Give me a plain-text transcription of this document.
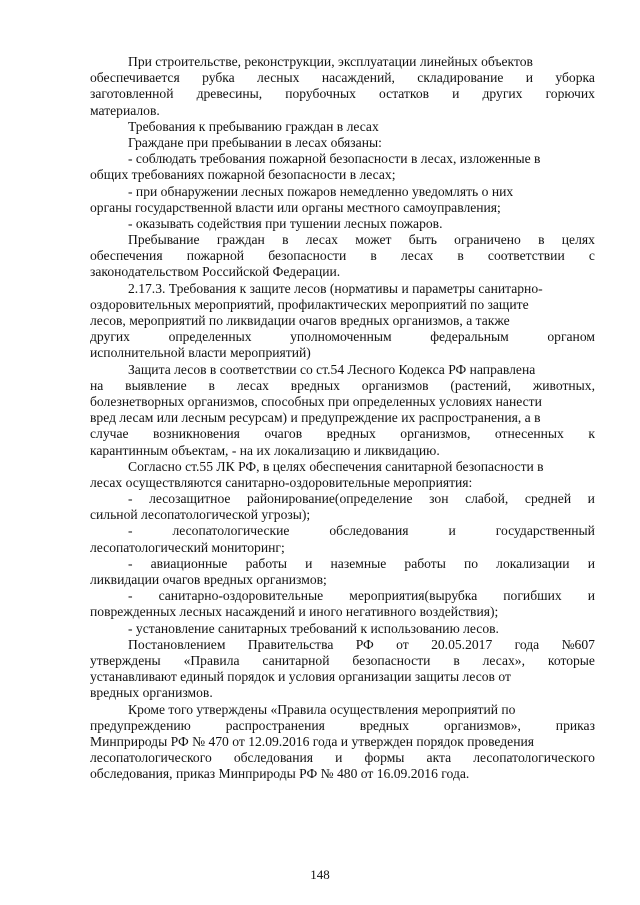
При строительстве, реконструкции, эксплуатации линейных объектов
обеспечивается рубка лесных насаждений, складирование и уборка
заготовленной древесины, порубочных остатков и других горючих
материалов.
Требования к пребыванию граждан в лесах
Граждане при пребывании в лесах обязаны:
- соблюдать требования пожарной безопасности в лесах, изложенные в
общих требованиях пожарной безопасности в лесах;
- при обнаружении лесных пожаров немедленно уведомлять о них
органы государственной власти или органы местного самоуправления;
- оказывать содействия при тушении лесных пожаров.
Пребывание граждан в лесах может быть ограничено в целях
обеспечения пожарной безопасности в лесах в соответствии с
законодательством Российской Федерации.
2.17.3. Требования к защите лесов (нормативы и параметры санитарно-
оздоровительных мероприятий, профилактических мероприятий по защите
лесов, мероприятий по ликвидации очагов вредных организмов, а также
других	определенных	уполномоченным	федеральным	органом
исполнительной власти мероприятий)
Защита лесов в соответствии со ст.54 Лесного Кодекса РФ направлена
на выявление в лесах вредных организмов (растений, животных,
болезнетворных организмов, способных при определенных условиях нанести
вред лесам или лесным ресурсам) и предупреждение их распространения, а в
случае возникновения очагов вредных организмов, отнесенных к
карантинным объектам, - на их локализацию и ликвидацию.
Согласно ст.55 ЛК РФ, в целях обеспечения санитарной безопасности в
лесах осуществляются санитарно-оздоровительные мероприятия:
- лесозащитное районирование(определение зон слабой, средней и
сильной лесопатологической угрозы);
-	лесопатологические	обследования	и	государственный
лесопатологический мониторинг;
- авиационные работы и наземные работы по локализации и
ликвидации очагов вредных организмов;
- санитарно-оздоровительные мероприятия(вырубка погибших и
поврежденных лесных насаждений и иного негативного воздействия);
- установление санитарных требований к использованию лесов.
Постановлением Правительства РФ от 20.05.2017 года №607
утверждены «Правила санитарной безопасности в лесах», которые
устанавливают единый порядок и условия организации защиты лесов от
вредных организмов.
Кроме того утверждены «Правила осуществления мероприятий по
предупреждению	распространения	вредных	организмов»,	приказ
Минприроды РФ № 470 от 12.09.2016 года и утвержден порядок проведения
лесопатологического обследования и формы акта лесопатологического
обследования, приказ Минприроды РФ № 480 от 16.09.2016 года.
148
